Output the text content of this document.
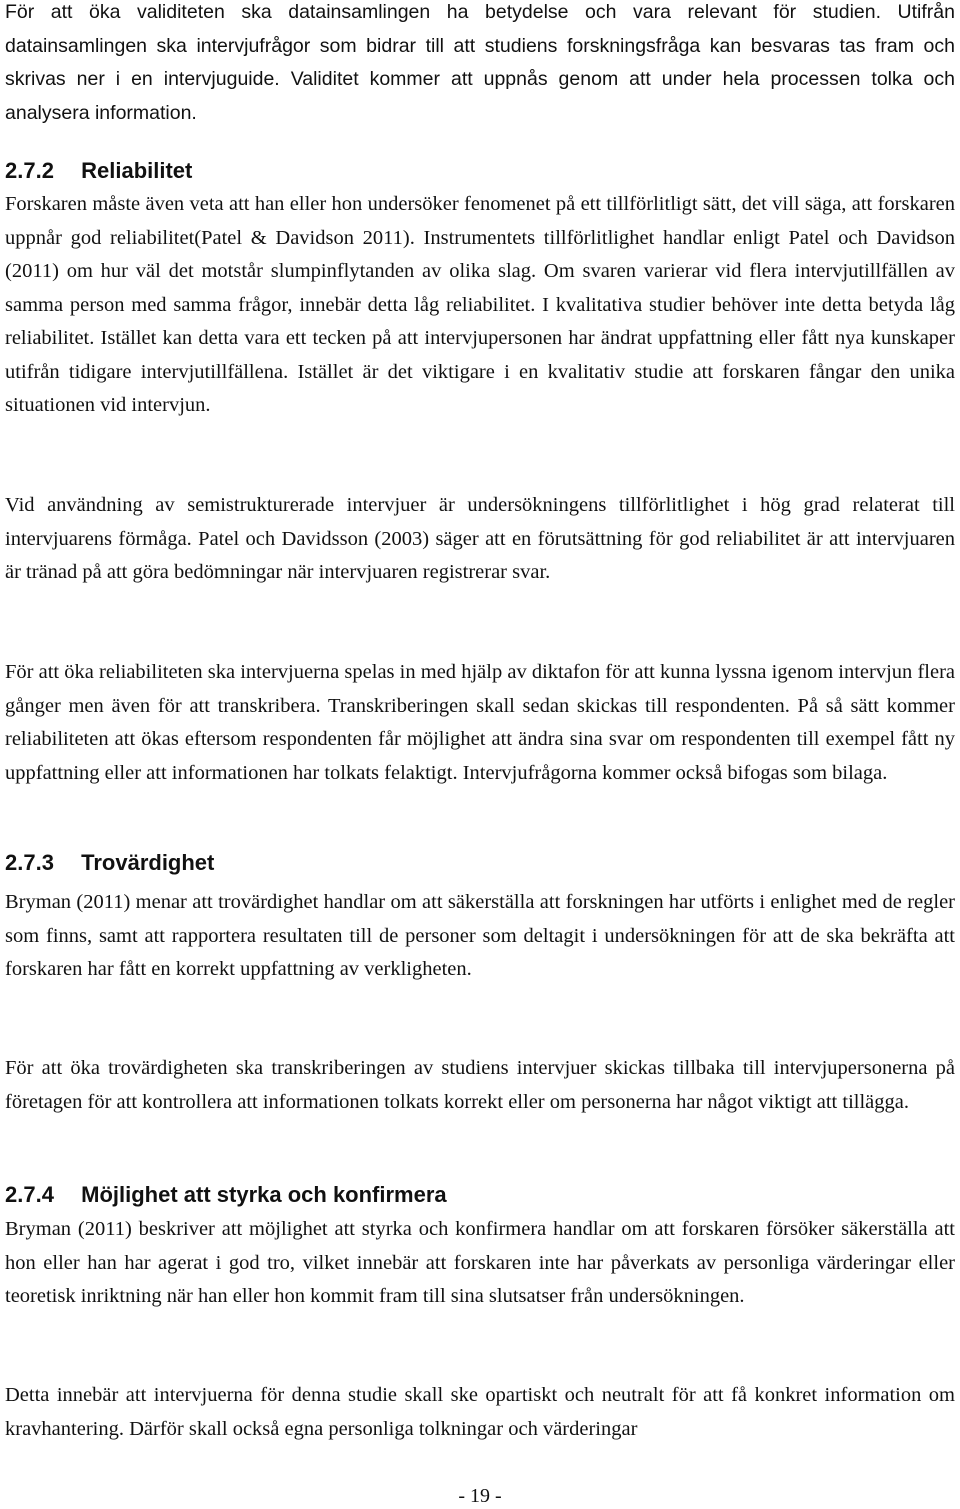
För att öka validiteten ska datainsamlingen ha betydelse och vara relevant för studien. Utifrån datainsamlingen ska intervjufrågor som bidrar till att studiens forskningsfråga kan besvaras tas fram och skrivas ner i en intervjuguide. Validitet kommer att uppnås genom att under hela processen tolka och analysera information.

2.7.2 Reliabilitet

Forskaren måste även veta att han eller hon undersöker fenomenet på ett tillförlitligt sätt, det vill säga, att forskaren uppnår god reliabilitet(Patel & Davidson 2011). Instrumentets tillförlitlighet handlar enligt Patel och Davidson (2011) om hur väl det motstår slumpinflytanden av olika slag. Om svaren varierar vid flera intervjutillfällen av samma person med samma frågor, innebär detta låg reliabilitet. I kvalitativa studier behöver inte detta betyda låg reliabilitet. Istället kan detta vara ett tecken på att intervjupersonen har ändrat uppfattning eller fått nya kunskaper utifrån tidigare intervjutillfällena. Istället är det viktigare i en kvalitativ studie att forskaren fångar den unika situationen vid intervjun.

Vid användning av semistrukturerade intervjuer är undersökningens tillförlitlighet i hög grad relaterat till intervjuarens förmåga. Patel och Davidsson (2003) säger att en förutsättning för god reliabilitet är att intervjuaren är tränad på att göra bedömningar när intervjuaren registrerar svar.

För att öka reliabiliteten ska intervjuerna spelas in med hjälp av diktafon för att kunna lyssna igenom intervjun flera gånger men även för att transkribera. Transkriberingen skall sedan skickas till respondenten. På så sätt kommer reliabiliteten att ökas eftersom respondenten får möjlighet att ändra sina svar om respondenten till exempel fått ny uppfattning eller att informationen har tolkats felaktigt. Intervjufrågorna kommer också bifogas som bilaga.

2.7.3 Trovärdighet

Bryman (2011) menar att trovärdighet handlar om att säkerställa att forskningen har utförts i enlighet med de regler som finns, samt att rapportera resultaten till de personer som deltagit i undersökningen för att de ska bekräfta att forskaren har fått en korrekt uppfattning av verkligheten.

För att öka trovärdigheten ska transkriberingen av studiens intervjuer skickas tillbaka till intervjupersonerna på företagen för att kontrollera att informationen tolkats korrekt eller om personerna har något viktigt att tillägga.

2.7.4 Möjlighet att styrka och konfirmera

Bryman (2011) beskriver att möjlighet att styrka och konfirmera handlar om att forskaren försöker säkerställa att hon eller han har agerat i god tro, vilket innebär att forskaren inte har påverkats av personliga värderingar eller teoretisk inriktning när han eller hon kommit fram till sina slutsatser från undersökningen.

Detta innebär att intervjuerna för denna studie skall ske opartiskt och neutralt för att få konkret information om kravhantering. Därför skall också egna personliga tolkningar och värderingar

- 19 -
